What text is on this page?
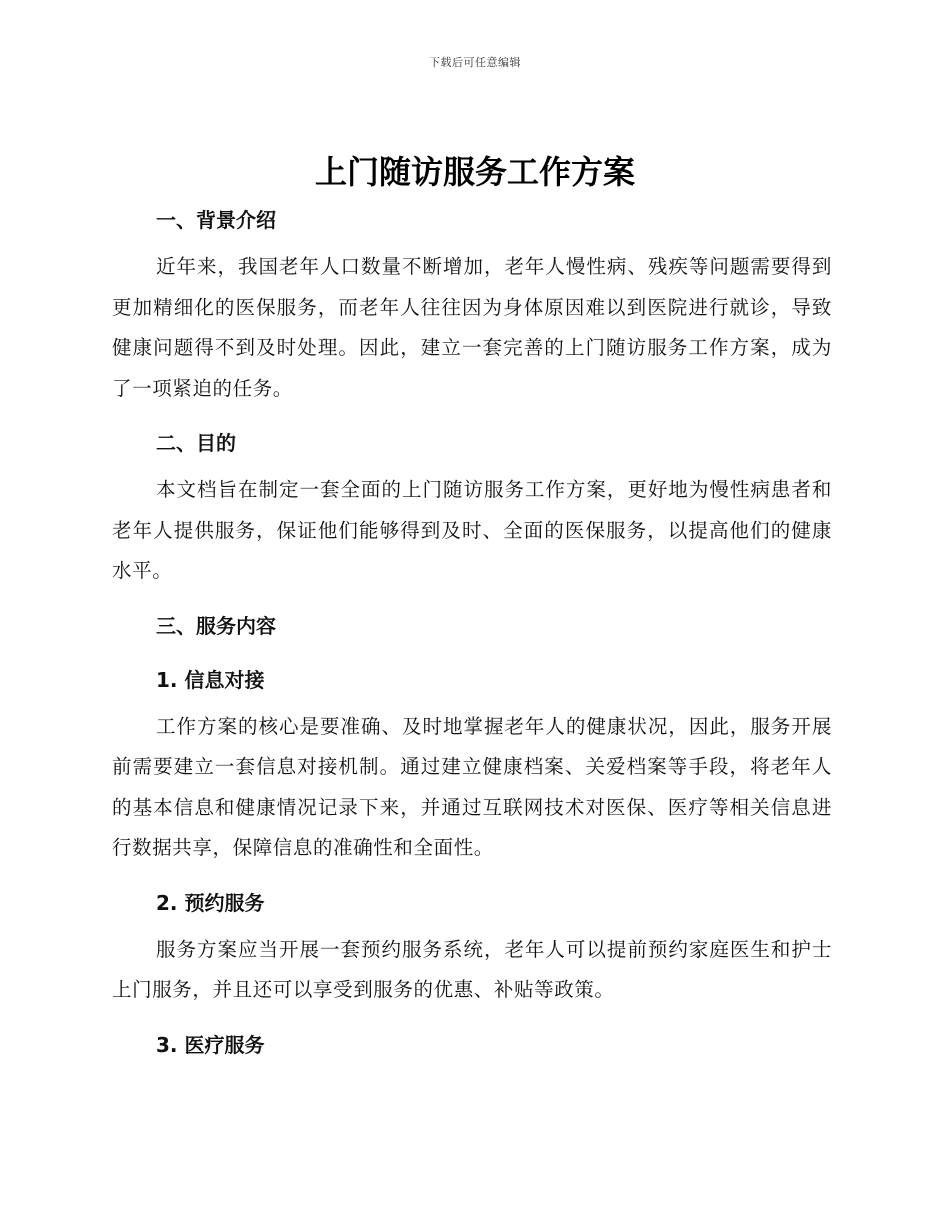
下载后可任意编辑
上门随访服务工作方案
一、背景介绍

近年来，我国老年人口数量不断增加，老年人慢性病、残疾等问题需要得到更加精细化的医保服务，而老年人往往因为身体原因难以到医院进行就诊，导致健康问题得不到及时处理。因此，建立一套完善的上门随访服务工作方案，成为了一项紧迫的任务。

二、目的

本文档旨在制定一套全面的上门随访服务工作方案，更好地为慢性病患者和老年人提供服务，保证他们能够得到及时、全面的医保服务，以提高他们的健康水平。

三、服务内容
1. 信息对接

工作方案的核心是要准确、及时地掌握老年人的健康状况，因此，服务开展前需要建立一套信息对接机制。通过建立健康档案、关爱档案等手段，将老年人的基本信息和健康情况记录下来，并通过互联网技术对医保、医疗等相关信息进行数据共享，保障信息的准确性和全面性。

2. 预约服务

服务方案应当开展一套预约服务系统，老年人可以提前预约家庭医生和护士上门服务，并且还可以享受到服务的优惠、补贴等政策。

3. 医疗服务
